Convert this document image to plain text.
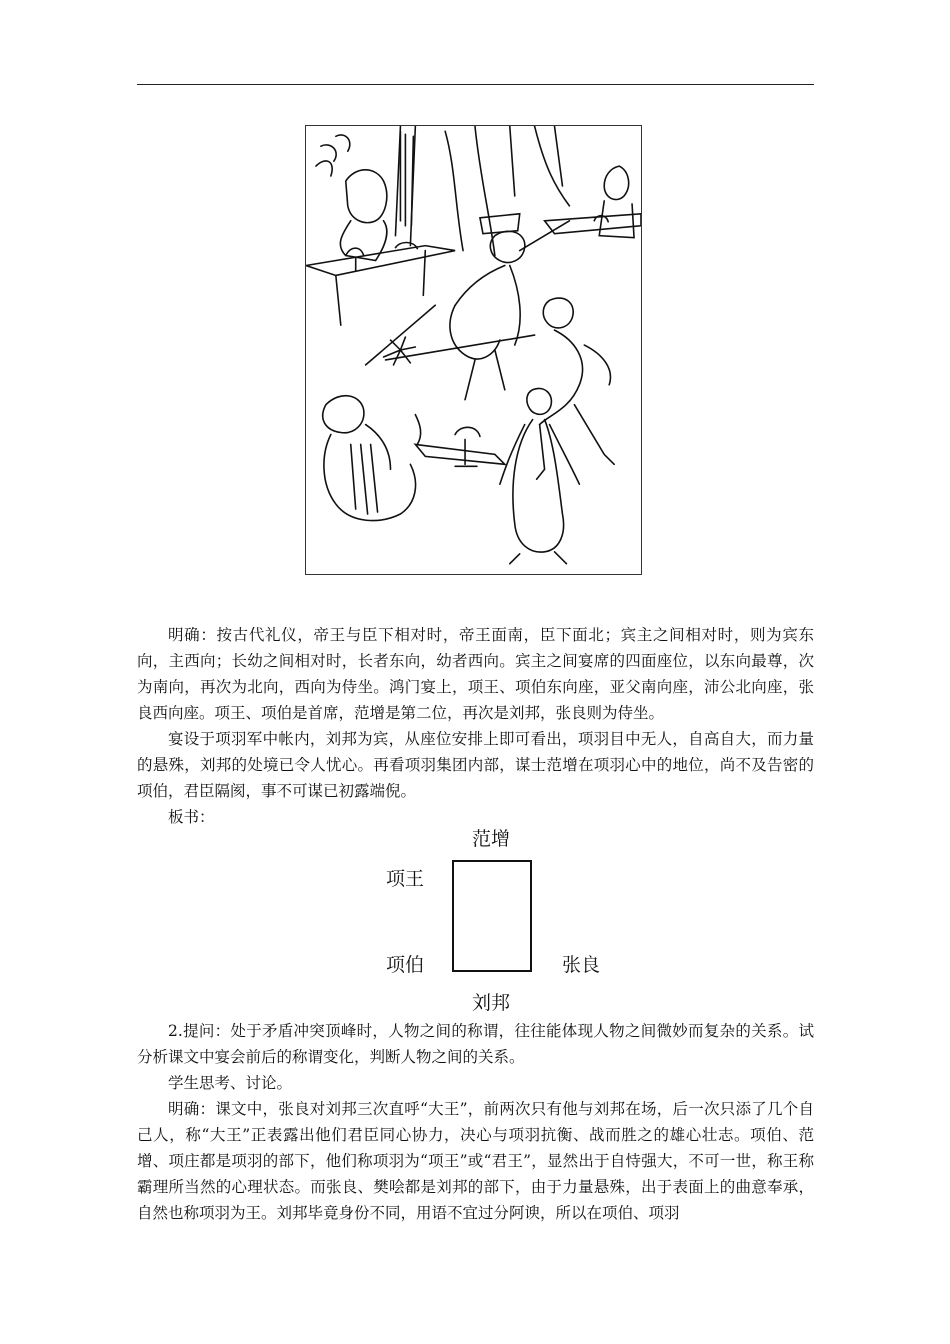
明确：按古代礼仪，帝王与臣下相对时，帝王面南，臣下面北；宾主之间相对时，则为宾东向，主西向；长幼之间相对时，长者东向，幼者西向。宾主之间宴席的四面座位，以东向最尊，次为南向，再次为北向，西向为侍坐。鸿门宴上，项王、项伯东向座，亚父南向座，沛公北向座，张良西向座。项王、项伯是首席，范增是第二位，再次是刘邦，张良则为侍坐。

宴设于项羽军中帐内，刘邦为宾，从座位安排上即可看出，项羽目中无人，自高自大，而力量的悬殊，刘邦的处境已令人忧心。再看项羽集团内部，谋士范增在项羽心中的地位，尚不及告密的项伯，君臣隔阂，事不可谋已初露端倪。

板书：

范增
项王
项伯	张良
刘邦

2.提问：处于矛盾冲突顶峰时，人物之间的称谓，往往能体现人物之间微妙而复杂的关系。试分析课文中宴会前后的称谓变化，判断人物之间的关系。

学生思考、讨论。

明确：课文中，张良对刘邦三次直呼“大王”，前两次只有他与刘邦在场，后一次只添了几个自己人，称“大王”正表露出他们君臣同心协力，决心与项羽抗衡、战而胜之的雄心壮志。项伯、范增、项庄都是项羽的部下，他们称项羽为“项王”或“君王”，显然出于自恃强大，不可一世，称王称霸理所当然的心理状态。而张良、樊哙都是刘邦的部下，由于力量悬殊，出于表面上的曲意奉承，自然也称项羽为王。刘邦毕竟身份不同，用语不宜过分阿谀，所以在项伯、项羽
